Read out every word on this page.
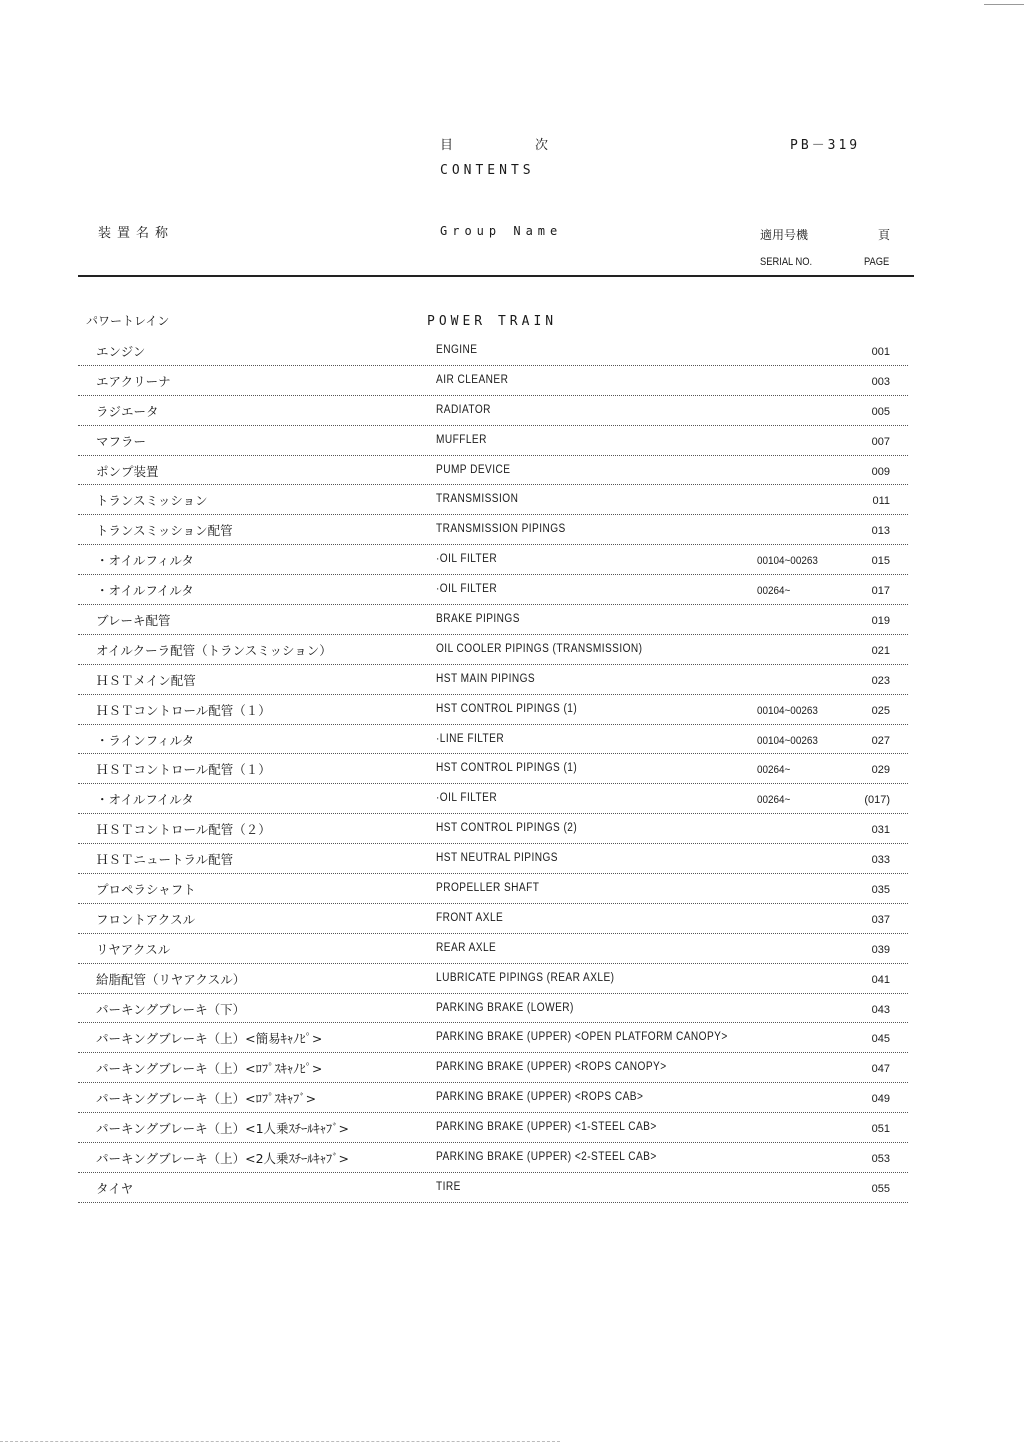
目	次	PB－319
CONTENTS
装置名称	Group Name	適用号機	頁
SERIAL NO.	PAGE
パワートレイン	POWER TRAIN
エンジン	ENGINE	001
エアクリーナ	AIR CLEANER	003
ラジエータ	RADIATOR	005
マフラー	MUFFLER	007
ポンプ装置	PUMP DEVICE	009
トランスミッション	TRANSMISSION	011
トランスミッション配管	TRANSMISSION PIPINGS	013
・オイルフィルタ	·OIL FILTER	00104~00263	015
・オイルフイルタ	·OIL FILTER	00264~	017
ブレーキ配管	BRAKE PIPINGS	019
オイルクーラ配管（トランスミッション）	OIL COOLER PIPINGS (TRANSMISSION)	021
ＨＳＴメイン配管	HST MAIN PIPINGS	023
ＨＳＴコントロール配管（１）	HST CONTROL PIPINGS (1)	00104~00263	025
・ラインフィルタ	·LINE FILTER	00104~00263	027
ＨＳＴコントロール配管（１）	HST CONTROL PIPINGS (1)	00264~	029
・オイルフイルタ	·OIL FILTER	00264~	(017)
ＨＳＴコントロール配管（２）	HST CONTROL PIPINGS (2)	031
ＨＳＴニュートラル配管	HST NEUTRAL PIPINGS	033
プロペラシャフト	PROPELLER SHAFT	035
フロントアクスル	FRONT AXLE	037
リヤアクスル	REAR AXLE	039
給脂配管（リヤアクスル）	LUBRICATE PIPINGS (REAR AXLE)	041
パーキングブレーキ（下）	PARKING BRAKE (LOWER)	043
パーキングブレーキ（上）<簡易ｷｬﾉﾋﾟ>	PARKING BRAKE (UPPER) <OPEN PLATFORM CANOPY>	045
パーキングブレーキ（上）<ﾛﾌﾟｽｷｬﾉﾋﾟ>	PARKING BRAKE (UPPER) <ROPS CANOPY>	047
パーキングブレーキ（上）<ﾛﾌﾟｽｷｬﾌﾞ>	PARKING BRAKE (UPPER) <ROPS CAB>	049
パーキングブレーキ（上）<1人乗ｽﾁｰﾙｷｬﾌﾞ>	PARKING BRAKE (UPPER) <1-STEEL CAB>	051
パーキングブレーキ（上）<2人乗ｽﾁｰﾙｷｬﾌﾞ>	PARKING BRAKE (UPPER) <2-STEEL CAB>	053
タイヤ	TIRE	055
